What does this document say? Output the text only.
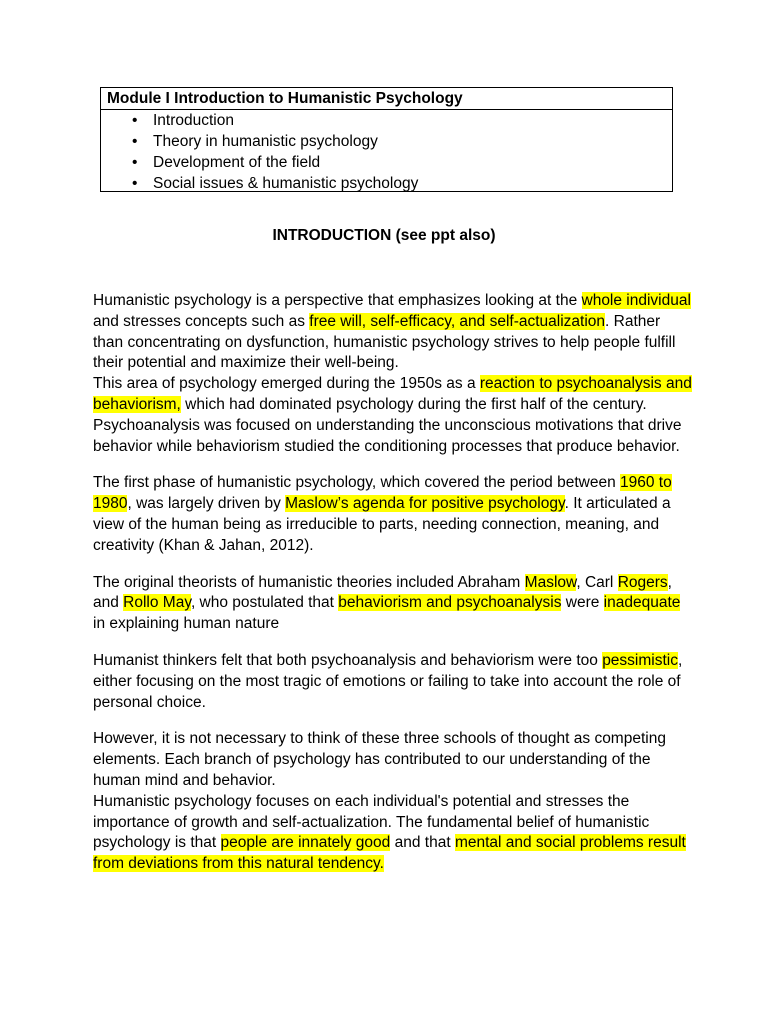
Module I Introduction to Humanistic Psychology
• Introduction
• Theory in humanistic psychology
• Development of the field
• Social issues & humanistic psychology
INTRODUCTION (see ppt also)

Humanistic psychology is a perspective that emphasizes looking at the whole individual and stresses concepts such as free will, self-efficacy, and self-actualization. Rather than concentrating on dysfunction, humanistic psychology strives to help people fulfill their potential and maximize their well-being.

This area of psychology emerged during the 1950s as a reaction to psychoanalysis and behaviorism, which had dominated psychology during the first half of the century. Psychoanalysis was focused on understanding the unconscious motivations that drive behavior while behaviorism studied the conditioning processes that produce behavior.

The first phase of humanistic psychology, which covered the period between 1960 to 1980, was largely driven by Maslow’s agenda for positive psychology. It articulated a view of the human being as irreducible to parts, needing connection, meaning, and creativity (Khan & Jahan, 2012).

The original theorists of humanistic theories included Abraham Maslow, Carl Rogers, and Rollo May, who postulated that behaviorism and psychoanalysis were inadequate in explaining human nature

Humanist thinkers felt that both psychoanalysis and behaviorism were too pessimistic, either focusing on the most tragic of emotions or failing to take into account the role of personal choice.

However, it is not necessary to think of these three schools of thought as competing elements. Each branch of psychology has contributed to our understanding of the human mind and behavior.

Humanistic psychology focuses on each individual's potential and stresses the importance of growth and self-actualization. The fundamental belief of humanistic psychology is that people are innately good and that mental and social problems result from deviations from this natural tendency.
